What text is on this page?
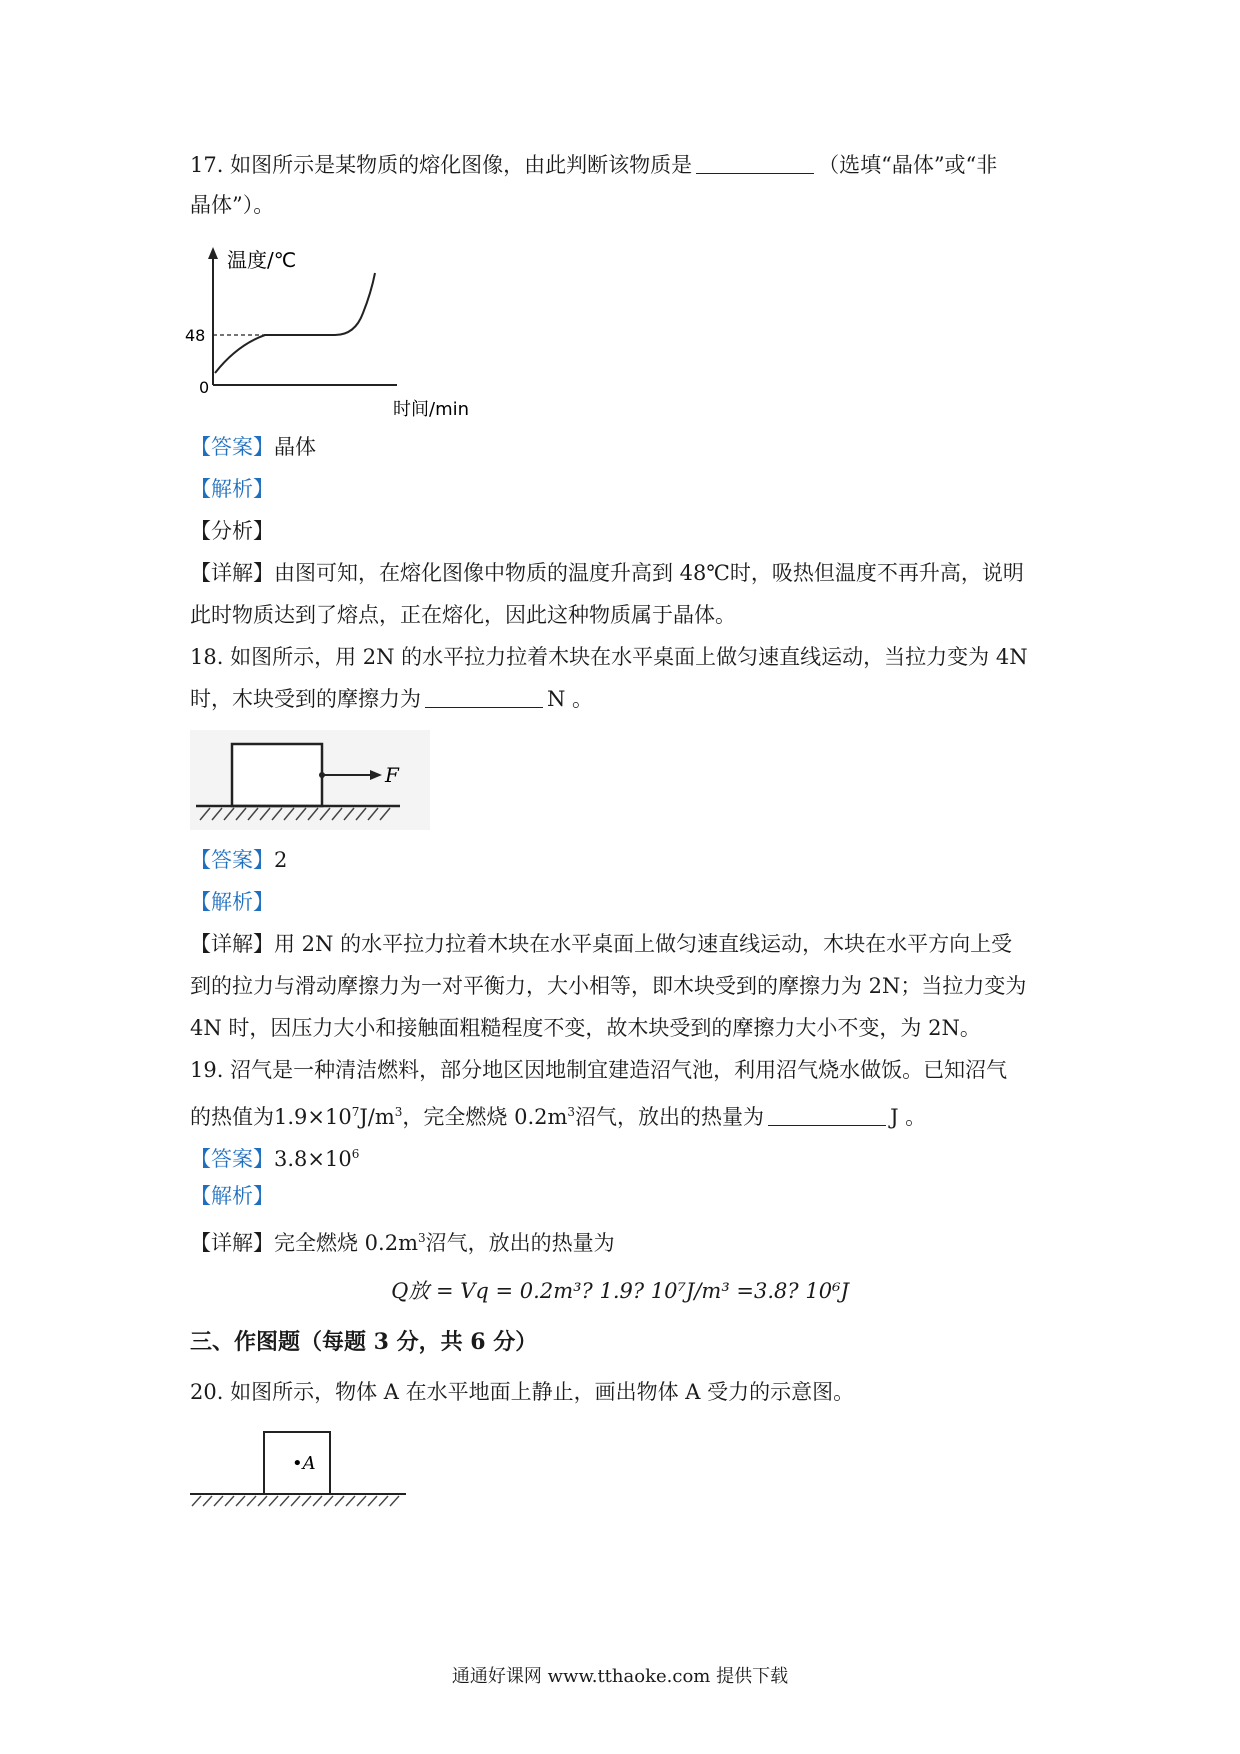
17. 如图所示是某物质的熔化图像，由此判断该物质是	（选填“晶体”或“非
晶体”）。
温度/℃
48
0
时间/min
【答案】晶体
【解析】
【分析】
【详解】由图可知，在熔化图像中物质的温度升高到 48℃时，吸热但温度不再升高，说明
此时物质达到了熔点，正在熔化，因此这种物质属于晶体。
18. 如图所示，用 2N 的水平拉力拉着木块在水平桌面上做匀速直线运动，当拉力变为 4N
时，木块受到的摩擦力为	N 。
F
【答案】2
【解析】
【详解】用 2N 的水平拉力拉着木块在水平桌面上做匀速直线运动，木块在水平方向上受
到的拉力与滑动摩擦力为一对平衡力，大小相等，即木块受到的摩擦力为 2N；当拉力变为
4N 时，因压力大小和接触面粗糙程度不变，故木块受到的摩擦力大小不变，为 2N。
19. 沼气是一种清洁燃料，部分地区因地制宜建造沼气池，利用沼气烧水做饭。已知沼气
的热值为$1.9\times 10^7J/m^3$，完全燃烧 $0.2m^3$沼气，放出的热量为	J 。
【答案】$3.8\times 10^6$
【解析】
【详解】完全燃烧 $0.2m^3$沼气，放出的热量为
Q放 = Vq = 0.2m³? 1.9? 10⁷J/m³ =3.8? 10⁶J
三、作图题（每题 3 分，共 6 分）
20. 如图所示，物体 A 在水平地面上静止，画出物体 A 受力的示意图。
•A
通通好课网 www.tthaoke.com 提供下载
